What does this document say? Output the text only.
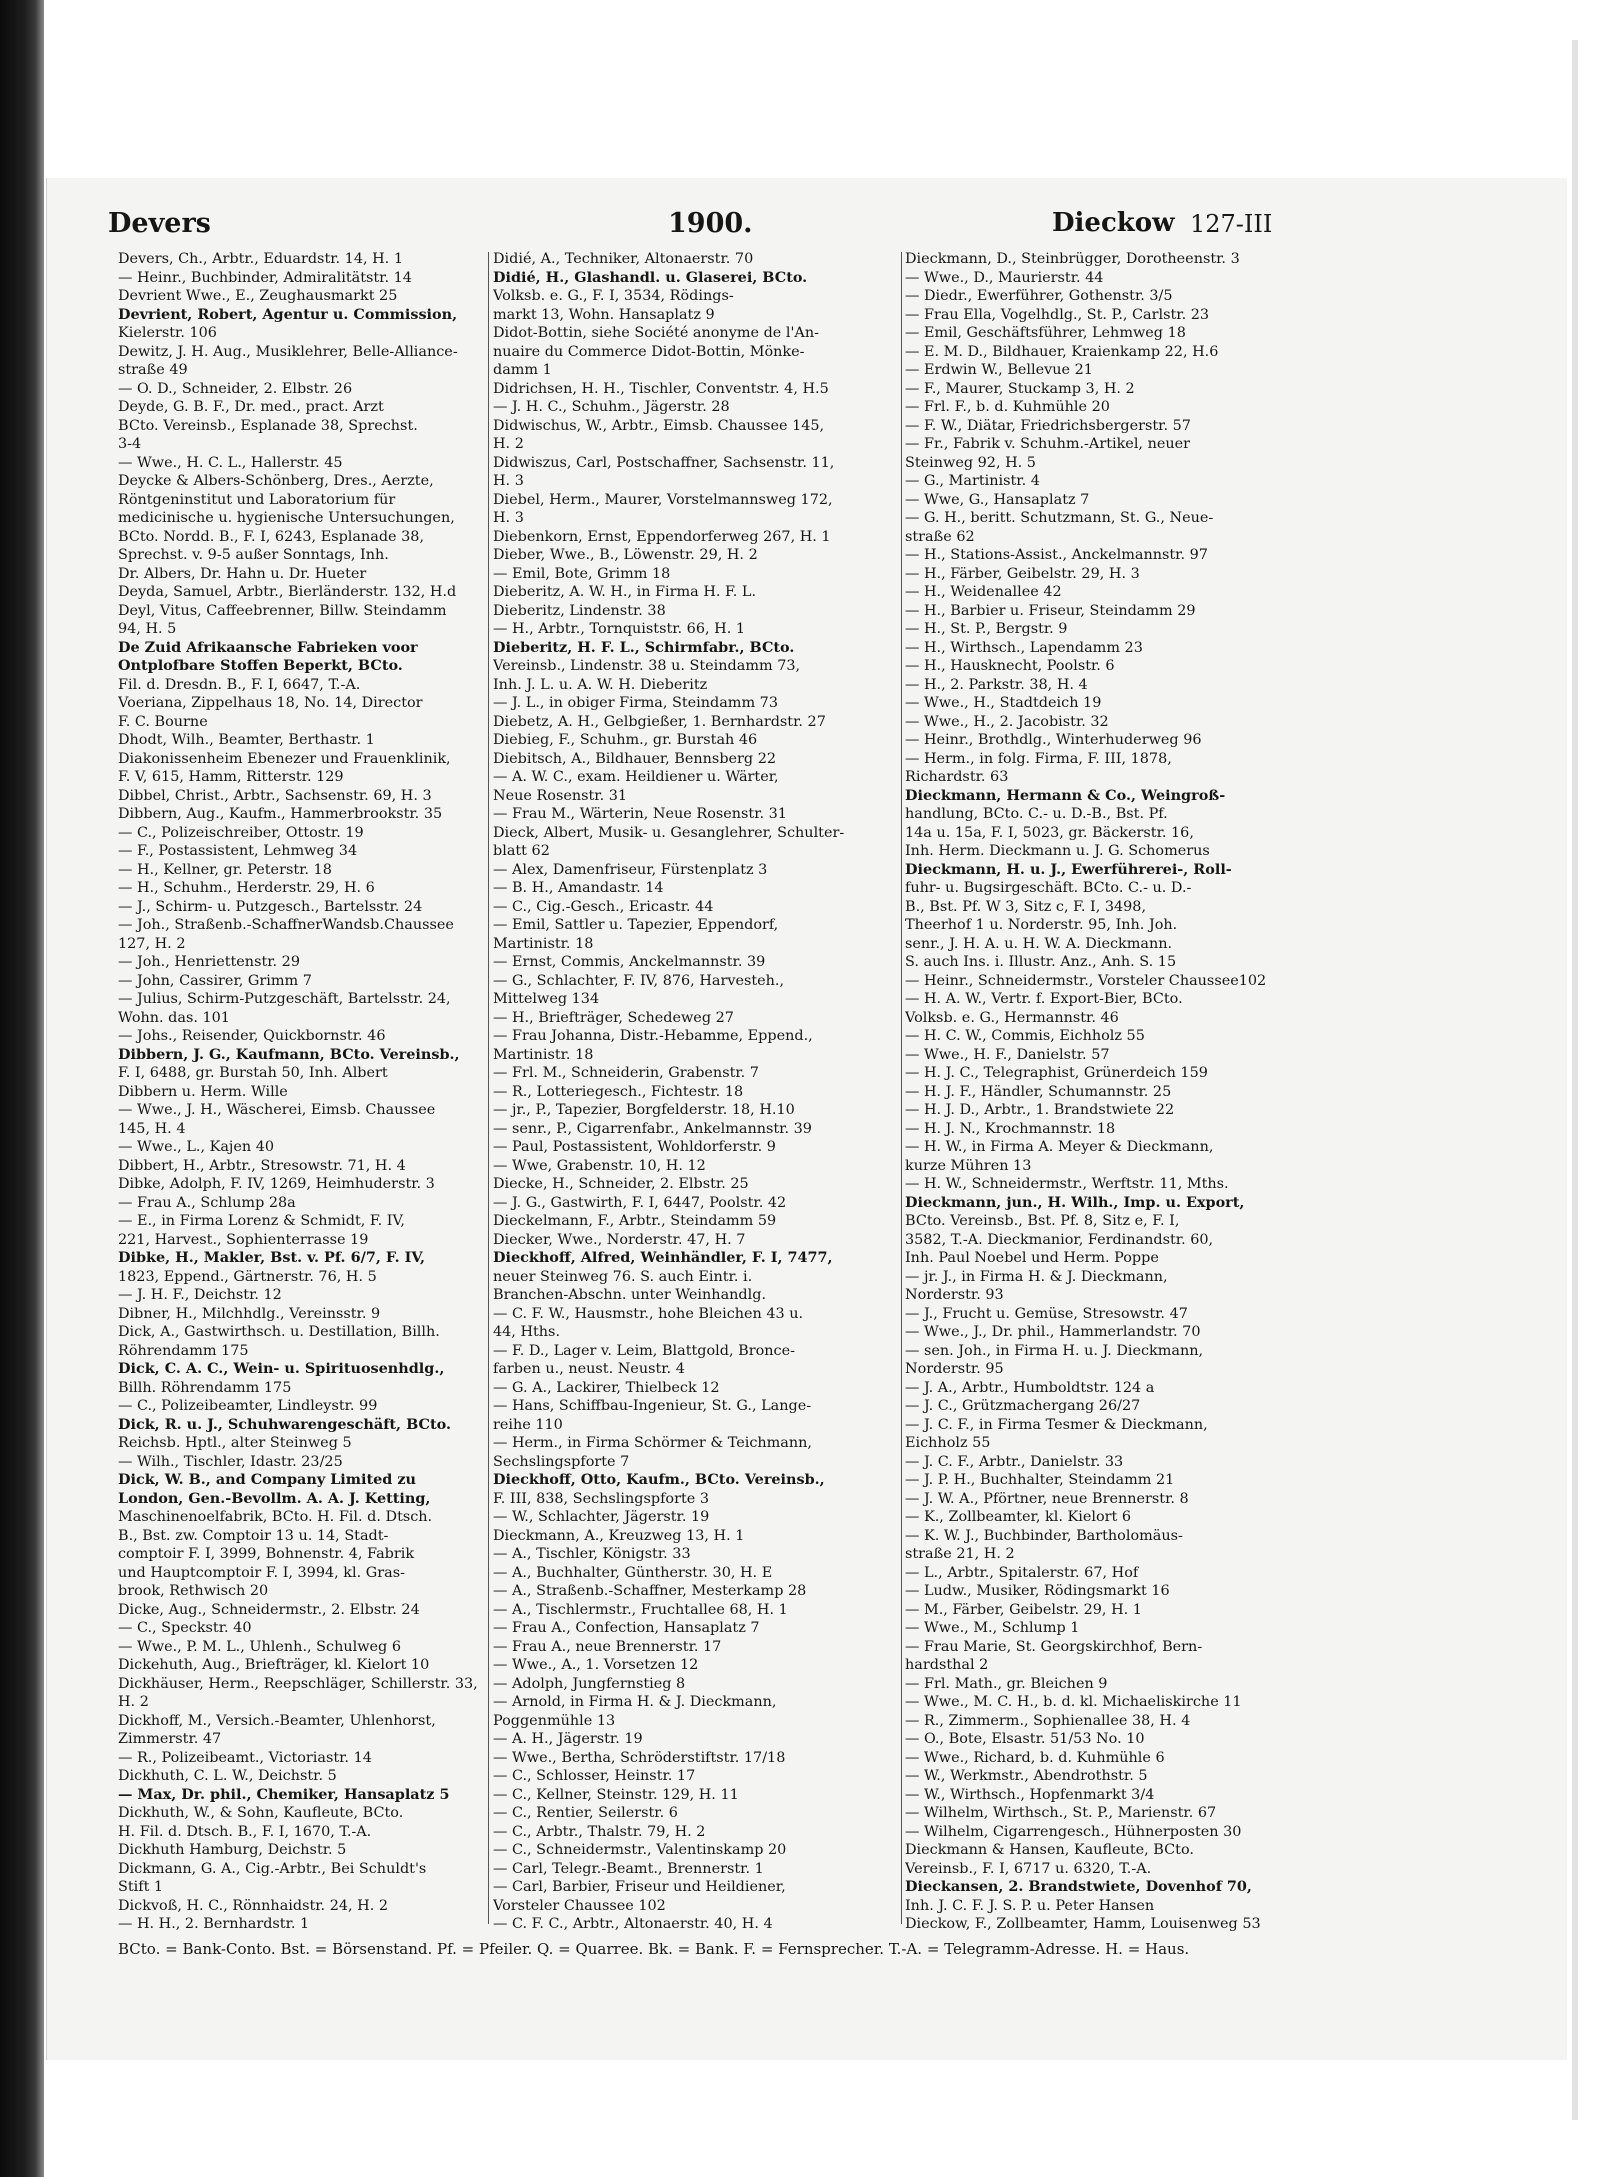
Devers	1900.	Dieckow 127-III
Devers, Ch., Arbtr., Eduardstr. 14, H. 1
— Heinr., Buchbinder, Admiralitätstr. 14
Devrient Wwe., E., Zeughausmarkt 25
Devrient, Robert, Agentur u. Commission,
Kielerstr. 106
Dewitz, J. H. Aug., Musiklehrer, Belle-Alliance-
straße 49
— O. D., Schneider, 2. Elbstr. 26
Deyde, G. B. F., Dr. med., pract. Arzt
BCto. Vereinsb., Esplanade 38, Sprechst.
3-4
— Wwe., H. C. L., Hallerstr. 45
Deycke & Albers-Schönberg, Dres., Aerzte,
Röntgeninstitut und Laboratorium für
medicinische u. hygienische Untersuchungen,
BCto. Nordd. B., F. I, 6243, Esplanade 38,
Sprechst. v. 9-5 außer Sonntags, Inh.
Dr. Albers, Dr. Hahn u. Dr. Hueter
Deyda, Samuel, Arbtr., Bierländerstr. 132, H.d
Deyl, Vitus, Caffeebrenner, Billw. Steindamm
94, H. 5
De Zuid Afrikaansche Fabrieken voor
Ontplofbare Stoffen Beperkt, BCto.
Fil. d. Dresdn. B., F. I, 6647, T.-A.
Voeriana, Zippelhaus 18, No. 14, Director
F. C. Bourne
Dhodt, Wilh., Beamter, Berthastr. 1
Diakonissenheim Ebenezer und Frauenklinik,
F. V, 615, Hamm, Ritterstr. 129
Dibbel, Christ., Arbtr., Sachsenstr. 69, H. 3
Dibbern, Aug., Kaufm., Hammerbrookstr. 35
— C., Polizeischreiber, Ottostr. 19
— F., Postassistent, Lehmweg 34
— H., Kellner, gr. Peterstr. 18
— H., Schuhm., Herderstr. 29, H. 6
— J., Schirm- u. Putzgesch., Bartelsstr. 24
— Joh., Straßenb.-SchaffnerWandsb.Chaussee
127, H. 2
— Joh., Henriettenstr. 29
— John, Cassirer, Grimm 7
— Julius, Schirm-Putzgeschäft, Bartelsstr. 24,
Wohn. das. 101
— Johs., Reisender, Quickbornstr. 46
Dibbern, J. G., Kaufmann, BCto. Vereinsb.,
F. I, 6488, gr. Burstah 50, Inh. Albert
Dibbern u. Herm. Wille
— Wwe., J. H., Wäscherei, Eimsb. Chaussee
145, H. 4
— Wwe., L., Kajen 40
Dibbert, H., Arbtr., Stresowstr. 71, H. 4
Dibke, Adolph, F. IV, 1269, Heimhuderstr. 3
— Frau A., Schlump 28a
— E., in Firma Lorenz & Schmidt, F. IV,
221, Harvest., Sophienterrasse 19
Dibke, H., Makler, Bst. v. Pf. 6/7, F. IV,
1823, Eppend., Gärtnerstr. 76, H. 5
— J. H. F., Deichstr. 12
Dibner, H., Milchhdlg., Vereinsstr. 9
Dick, A., Gastwirthsch. u. Destillation, Billh.
Röhrendamm 175
Dick, C. A. C., Wein- u. Spirituosenhdlg.,
Billh. Röhrendamm 175
— C., Polizeibeamter, Lindleystr. 99
Dick, R. u. J., Schuhwarengeschäft, BCto.
Reichsb. Hptl., alter Steinweg 5
— Wilh., Tischler, Idastr. 23/25
Dick, W. B., and Company Limited zu
London, Gen.-Bevollm. A. A. J. Ketting,
Maschinenoelfabrik, BCto. H. Fil. d. Dtsch.
B., Bst. zw. Comptoir 13 u. 14, Stadt-
comptoir F. I, 3999, Bohnenstr. 4, Fabrik
und Hauptcomptoir F. I, 3994, kl. Gras-
brook, Rethwisch 20
Dicke, Aug., Schneidermstr., 2. Elbstr. 24
— C., Speckstr. 40
— Wwe., P. M. L., Uhlenh., Schulweg 6
Dickehuth, Aug., Briefträger, kl. Kielort 10
Dickhäuser, Herm., Reepschläger, Schillerstr. 33,
H. 2
Dickhoff, M., Versich.-Beamter, Uhlenhorst,
Zimmerstr. 47
— R., Polizeibeamt., Victoriastr. 14
Dickhuth, C. L. W., Deichstr. 5
— Max, Dr. phil., Chemiker, Hansaplatz 5
Dickhuth, W., & Sohn, Kaufleute, BCto.
H. Fil. d. Dtsch. B., F. I, 1670, T.-A.
Dickhuth Hamburg, Deichstr. 5
Dickmann, G. A., Cig.-Arbtr., Bei Schuldt's
Stift 1
Dickvoß, H. C., Rönnhaidstr. 24, H. 2
— H. H., 2. Bernhardstr. 1
Didié, A., Techniker, Altonaerstr. 70
Didié, H., Glashandl. u. Glaserei, BCto.
Volksb. e. G., F. I, 3534, Rödings-
markt 13, Wohn. Hansaplatz 9
Didot-Bottin, siehe Société anonyme de l'An-
nuaire du Commerce Didot-Bottin, Mönke-
damm 1
Didrichsen, H. H., Tischler, Conventstr. 4, H.5
— J. H. C., Schuhm., Jägerstr. 28
Didwischus, W., Arbtr., Eimsb. Chaussee 145,
H. 2
Didwiszus, Carl, Postschaffner, Sachsenstr. 11,
H. 3
Diebel, Herm., Maurer, Vorstelmannsweg 172,
H. 3
Diebenkorn, Ernst, Eppendorferweg 267, H. 1
Dieber, Wwe., B., Löwenstr. 29, H. 2
— Emil, Bote, Grimm 18
Dieberitz, A. W. H., in Firma H. F. L.
Dieberitz, Lindenstr. 38
— H., Arbtr., Tornquiststr. 66, H. 1
Dieberitz, H. F. L., Schirmfabr., BCto.
Vereinsb., Lindenstr. 38 u. Steindamm 73,
Inh. J. L. u. A. W. H. Dieberitz
— J. L., in obiger Firma, Steindamm 73
Diebetz, A. H., Gelbgießer, 1. Bernhardstr. 27
Diebieg, F., Schuhm., gr. Burstah 46
Diebitsch, A., Bildhauer, Bennsberg 22
— A. W. C., exam. Heildiener u. Wärter,
Neue Rosenstr. 31
— Frau M., Wärterin, Neue Rosenstr. 31
Dieck, Albert, Musik- u. Gesanglehrer, Schulter-
blatt 62
— Alex, Damenfriseur, Fürstenplatz 3
— B. H., Amandastr. 14
— C., Cig.-Gesch., Ericastr. 44
— Emil, Sattler u. Tapezier, Eppendorf,
Martinistr. 18
— Ernst, Commis, Anckelmannstr. 39
— G., Schlachter, F. IV, 876, Harvesteh.,
Mittelweg 134
— H., Briefträger, Schedeweg 27
— Frau Johanna, Distr.-Hebamme, Eppend.,
Martinistr. 18
— Frl. M., Schneiderin, Grabenstr. 7
— R., Lotteriegesch., Fichtestr. 18
— jr., P., Tapezier, Borgfelderstr. 18, H.10
— senr., P., Cigarrenfabr., Ankelmannstr. 39
— Paul, Postassistent, Wohldorferstr. 9
— Wwe, Grabenstr. 10, H. 12
Diecke, H., Schneider, 2. Elbstr. 25
— J. G., Gastwirth, F. I, 6447, Poolstr. 42
Dieckelmann, F., Arbtr., Steindamm 59
Diecker, Wwe., Norderstr. 47, H. 7
Dieckhoff, Alfred, Weinhändler, F. I, 7477,
neuer Steinweg 76. S. auch Eintr. i.
Branchen-Abschn. unter Weinhandlg.
— C. F. W., Hausmstr., hohe Bleichen 43 u.
44, Hths.
— F. D., Lager v. Leim, Blattgold, Bronce-
farben u., neust. Neustr. 4
— G. A., Lackirer, Thielbeck 12
— Hans, Schiffbau-Ingenieur, St. G., Lange-
reihe 110
— Herm., in Firma Schörmer & Teichmann,
Sechslingspforte 7
Dieckhoff, Otto, Kaufm., BCto. Vereinsb.,
F. III, 838, Sechslingspforte 3
— W., Schlachter, Jägerstr. 19
Dieckmann, A., Kreuzweg 13, H. 1
— A., Tischler, Königstr. 33
— A., Buchhalter, Güntherstr. 30, H. E
— A., Straßenb.-Schaffner, Mesterkamp 28
— A., Tischlermstr., Fruchtallee 68, H. 1
— Frau A., Confection, Hansaplatz 7
— Frau A., neue Brennerstr. 17
— Wwe., A., 1. Vorsetzen 12
— Adolph, Jungfernstieg 8
— Arnold, in Firma H. & J. Dieckmann,
Poggenmühle 13
— A. H., Jägerstr. 19
— Wwe., Bertha, Schröderstiftstr. 17/18
— C., Schlosser, Heinstr. 17
— C., Kellner, Steinstr. 129, H. 11
— C., Rentier, Seilerstr. 6
— C., Arbtr., Thalstr. 79, H. 2
— C., Schneidermstr., Valentinskamp 20
— Carl, Telegr.-Beamt., Brennerstr. 1
— Carl, Barbier, Friseur und Heildiener,
Vorsteler Chaussee 102
— C. F. C., Arbtr., Altonaerstr. 40, H. 4
Dieckmann, D., Steinbrügger, Dorotheenstr. 3
— Wwe., D., Maurierstr. 44
— Diedr., Ewerführer, Gothenstr. 3/5
— Frau Ella, Vogelhdlg., St. P., Carlstr. 23
— Emil, Geschäftsführer, Lehmweg 18
— E. M. D., Bildhauer, Kraienkamp 22, H.6
— Erdwin W., Bellevue 21
— F., Maurer, Stuckamp 3, H. 2
— Frl. F., b. d. Kuhmühle 20
— F. W., Diätar, Friedrichsbergerstr. 57
— Fr., Fabrik v. Schuhm.-Artikel, neuer
Steinweg 92, H. 5
— G., Martinistr. 4
— Wwe, G., Hansaplatz 7
— G. H., beritt. Schutzmann, St. G., Neue-
straße 62
— H., Stations-Assist., Anckelmannstr. 97
— H., Färber, Geibelstr. 29, H. 3
— H., Weidenallee 42
— H., Barbier u. Friseur, Steindamm 29
— H., St. P., Bergstr. 9
— H., Wirthsch., Lapendamm 23
— H., Hausknecht, Poolstr. 6
— H., 2. Parkstr. 38, H. 4
— Wwe., H., Stadtdeich 19
— Wwe., H., 2. Jacobistr. 32
— Heinr., Brothdlg., Winterhuderweg 96
— Herm., in folg. Firma, F. III, 1878,
Richardstr. 63
Dieckmann, Hermann & Co., Weingroß-
handlung, BCto. C.- u. D.-B., Bst. Pf.
14a u. 15a, F. I, 5023, gr. Bäckerstr. 16,
Inh. Herm. Dieckmann u. J. G. Schomerus
Dieckmann, H. u. J., Ewerführerei-, Roll-
fuhr- u. Bugsirgeschäft. BCto. C.- u. D.-
B., Bst. Pf. W 3, Sitz c, F. I, 3498,
Theerhof 1 u. Norderstr. 95, Inh. Joh.
senr., J. H. A. u. H. W. A. Dieckmann.
S. auch Ins. i. Illustr. Anz., Anh. S. 15
— Heinr., Schneidermstr., Vorsteler Chaussee102
— H. A. W., Vertr. f. Export-Bier, BCto.
Volksb. e. G., Hermannstr. 46
— H. C. W., Commis, Eichholz 55
— Wwe., H. F., Danielstr. 57
— H. J. C., Telegraphist, Grünerdeich 159
— H. J. F., Händler, Schumannstr. 25
— H. J. D., Arbtr., 1. Brandstwiete 22
— H. J. N., Krochmannstr. 18
— H. W., in Firma A. Meyer & Dieckmann,
kurze Mühren 13
— H. W., Schneidermstr., Werftstr. 11, Mths.
Dieckmann, jun., H. Wilh., Imp. u. Export,
BCto. Vereinsb., Bst. Pf. 8, Sitz e, F. I,
3582, T.-A. Dieckmanior, Ferdinandstr. 60,
Inh. Paul Noebel und Herm. Poppe
— jr. J., in Firma H. & J. Dieckmann,
Norderstr. 93
— J., Frucht u. Gemüse, Stresowstr. 47
— Wwe., J., Dr. phil., Hammerlandstr. 70
— sen. Joh., in Firma H. u. J. Dieckmann,
Norderstr. 95
— J. A., Arbtr., Humboldtstr. 124 a
— J. C., Grützmachergang 26/27
— J. C. F., in Firma Tesmer & Dieckmann,
Eichholz 55
— J. C. F., Arbtr., Danielstr. 33
— J. P. H., Buchhalter, Steindamm 21
— J. W. A., Pförtner, neue Brennerstr. 8
— K., Zollbeamter, kl. Kielort 6
— K. W. J., Buchbinder, Bartholomäus-
straße 21, H. 2
— L., Arbtr., Spitalerstr. 67, Hof
— Ludw., Musiker, Rödingsmarkt 16
— M., Färber, Geibelstr. 29, H. 1
— Wwe., M., Schlump 1
— Frau Marie, St. Georgskirchhof, Bern-
hardsthal 2
— Frl. Math., gr. Bleichen 9
— Wwe., M. C. H., b. d. kl. Michaeliskirche 11
— R., Zimmerm., Sophienallee 38, H. 4
— O., Bote, Elsastr. 51/53 No. 10
— Wwe., Richard, b. d. Kuhmühle 6
— W., Werkmstr., Abendrothstr. 5
— W., Wirthsch., Hopfenmarkt 3/4
— Wilhelm, Wirthsch., St. P., Marienstr. 67
— Wilhelm, Cigarrengesch., Hühnerposten 30
Dieckmann & Hansen, Kaufleute, BCto.
Vereinsb., F. I, 6717 u. 6320, T.-A.
Dieckansen, 2. Brandstwiete, Dovenhof 70,
Inh. J. C. F. J. S. P. u. Peter Hansen
Dieckow, F., Zollbeamter, Hamm, Louisenweg 53
BCto. = Bank-Conto. Bst. = Börsenstand. Pf. = Pfeiler. Q. = Quarree. Bk. = Bank. F. = Fernsprecher. T.-A. = Telegramm-Adresse. H. = Haus.
